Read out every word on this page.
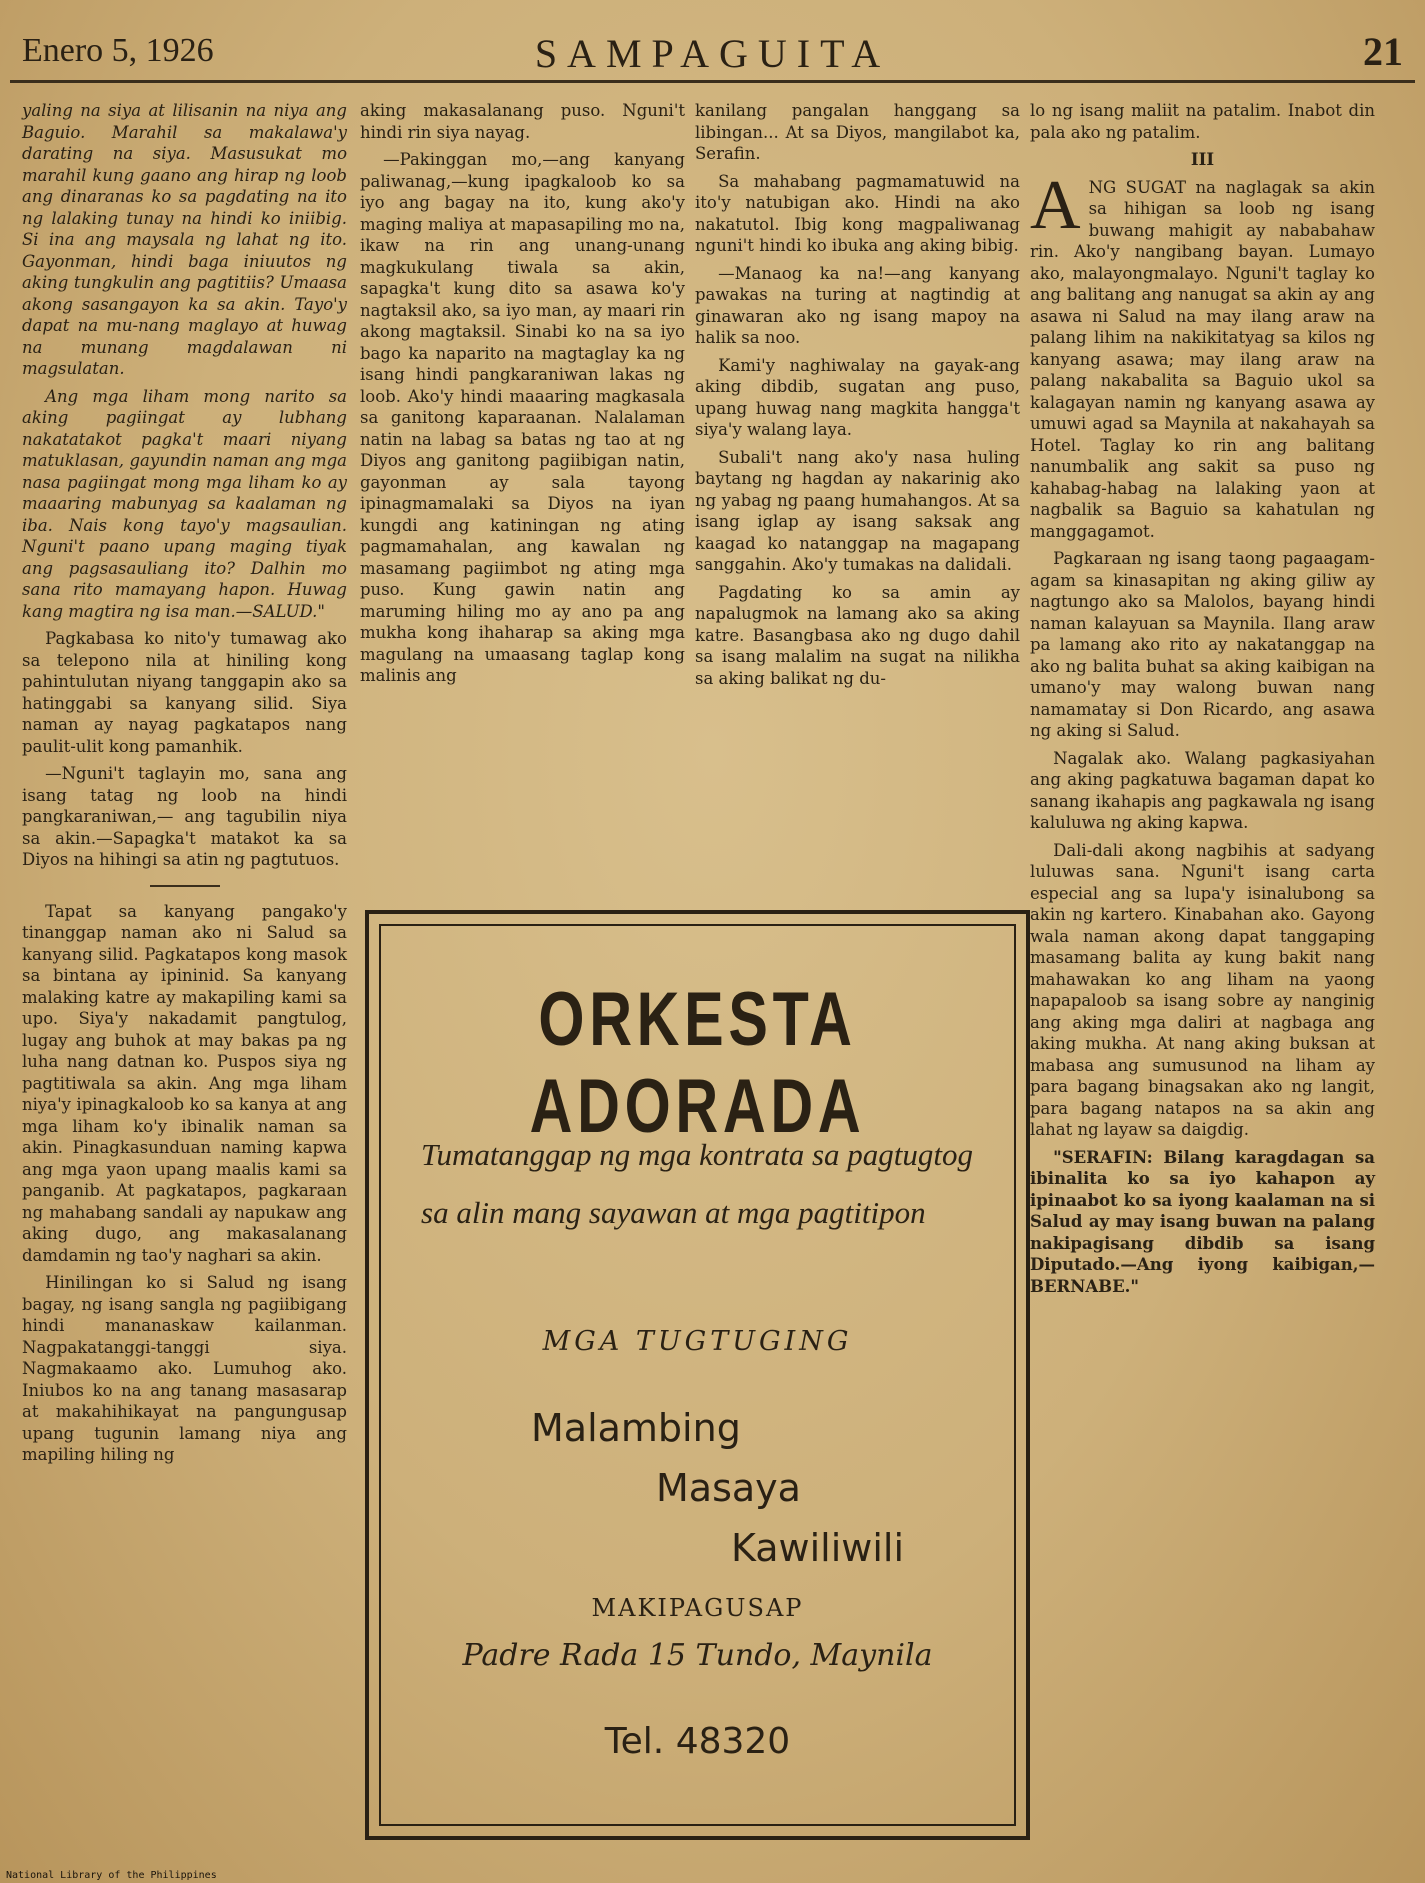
Enero 5, 1926	SAMPAGUITA	21

yaling na siya at lilisanin na niya ang Baguio. Marahil sa makalawa'y darating na siya. Masusukat mo marahil kung gaano ang hirap ng loob ang dinaranas ko sa pagdating na ito ng lalaking tunay na hindi ko iniibig. Si ina ang maysala ng lahat ng ito. Gayonman, hindi baga iniuutos ng aking tungkulin ang pagtitiis? Umaasa akong sasangayon ka sa akin. Tayo'y dapat na mu-nang maglayo at huwag na munang magdalawan ni magsulatan.

Ang mga liham mong narito sa aking pagiingat ay lubhang nakatatakot pagka't maari niyang matuklasan, gayundin naman ang mga nasa pagiingat mong mga liham ko ay maaaring mabunyag sa kaalaman ng iba. Nais kong tayo'y magsaulian. Nguni't paano upang maging tiyak ang pagsasauliang ito? Dalhin mo sana rito mamayang hapon. Huwag kang magtira ng isa man.—SALUD."

Pagkabasa ko nito'y tumawag ako sa telepono nila at hiniling kong pahintulutan niyang tanggapin ako sa hatinggabi sa kanyang silid. Siya naman ay nayag pagkatapos nang paulit-ulit kong pamanhik.

—Nguni't taglayin mo, sana ang isang tatag ng loob na hindi pangkaraniwan,— ang tagubilin niya sa akin.—Sapagka't matakot ka sa Diyos na hihingi sa atin ng pagtutuos.

Tapat sa kanyang pangako'y tinanggap naman ako ni Salud sa kanyang silid. Pagkatapos kong masok sa bintana ay ipininid. Sa kanyang malaking katre ay makapiling kami sa upo. Siya'y nakadamit pangtulog, lugay ang buhok at may bakas pa ng luha nang datnan ko. Puspos siya ng pagtitiwala sa akin. Ang mga liham niya'y ipinagkaloob ko sa kanya at ang mga liham ko'y ibinalik naman sa akin. Pinagkasunduan naming kapwa ang mga yaon upang maalis kami sa panganib. At pagkatapos, pagkaraan ng mahabang sandali ay napukaw ang aking dugo, ang makasalanang damdamin ng tao'y naghari sa akin.

Hinilingan ko si Salud ng isang bagay, ng isang sangla ng pagiibigang hindi mananaskaw kailanman. Nagpakatanggi-tanggi siya. Nagmakaamo ako. Lumuhog ako. Iniubos ko na ang tanang masasarap at makahihikayat na pangungusap upang tugunin lamang niya ang mapiling hiling ng

aking makasalanang puso. Nguni't hindi rin siya nayag.

—Pakinggan mo,—ang kanyang paliwanag,—kung ipagkaloob ko sa iyo ang bagay na ito, kung ako'y maging maliya at mapasapiling mo na, ikaw na rin ang unang-unang magkukulang tiwala sa akin, sapagka't kung dito sa asawa ko'y nagtaksil ako, sa iyo man, ay maari rin akong magtaksil. Sinabi ko na sa iyo bago ka naparito na magtaglay ka ng isang hindi pangkaraniwan lakas ng loob. Ako'y hindi maaaring magkasala sa ganitong kaparaanan. Nalalaman natin na labag sa batas ng tao at ng Diyos ang ganitong pagiibigan natin, gayonman ay sala tayong ipinagmamalaki sa Diyos na iyan kungdi ang katiningan ng ating pagmamahalan, ang kawalan ng masamang pagiimbot ng ating mga puso. Kung gawin natin ang maruming hiling mo ay ano pa ang mukha kong ihaharap sa aking mga magulang na umaasang taglap kong malinis ang

kanilang pangalan hanggang sa libingan... At sa Diyos, mangilabot ka, Serafin.

Sa mahabang pagmamatuwid na ito'y natubigan ako. Hindi na ako nakatutol. Ibig kong magpaliwanag nguni't hindi ko ibuka ang aking bibig.

—Manaog ka na!—ang kanyang pawakas na turing at nagtindig at ginawaran ako ng isang mapoy na halik sa noo.

Kami'y naghiwalay na gayak-ang aking dibdib, sugatan ang puso, upang huwag nang magkita hangga't siya'y walang laya.

Subali't nang ako'y nasa huling baytang ng hagdan ay nakarinig ako ng yabag ng paang humahangos. At sa isang iglap ay isang saksak ang kaagad ko natanggap na magapang sanggahin. Ako'y tumakas na dalidali.

Pagdating ko sa amin ay napalugmok na lamang ako sa aking katre. Basangbasa ako ng dugo dahil sa isang malalim na sugat na nilikha sa aking balikat ng du-

lo ng isang maliit na patalim. Inabot din pala ako ng patalim.

III

ANG SUGAT na naglagak sa akin sa hihigan sa loob ng isang buwang mahigit ay nababahaw rin. Ako'y nangibang bayan. Lumayo ako, malayongmalayo. Nguni't taglay ko ang balitang ang nanugat sa akin ay ang asawa ni Salud na may ilang araw na palang lihim na nakikitatyag sa kilos ng kanyang asawa; may ilang araw na palang nakabalita sa Baguio ukol sa kalagayan namin ng kanyang asawa ay umuwi agad sa Maynila at nakahayah sa Hotel. Taglay ko rin ang balitang nanumbalik ang sakit sa puso ng kahabag-habag na lalaking yaon at nagbalik sa Baguio sa kahatulan ng manggagamot.

Pagkaraan ng isang taong pagaagam-agam sa kinasapitan ng aking giliw ay nagtungo ako sa Malolos, bayang hindi naman kalayuan sa Maynila. Ilang araw pa lamang ako rito ay nakatanggap na ako ng balita buhat sa aking kaibigan na umano'y may walong buwan nang namamatay si Don Ricardo, ang asawa ng aking si Salud.

Nagalak ako. Walang pagkasiyahan ang aking pagkatuwa bagaman dapat ko sanang ikahapis ang pagkawala ng isang kaluluwa ng aking kapwa.

Dali-dali akong nagbihis at sadyang luluwas sana. Nguni't isang carta especial ang sa lupa'y isinalubong sa akin ng kartero. Kinabahan ako. Gayong wala naman akong dapat tanggaping masamang balita ay kung bakit nang mahawakan ko ang liham na yaong napapaloob sa isang sobre ay nanginig ang aking mga daliri at nagbaga ang aking mukha. At nang aking buksan at mabasa ang sumusunod na liham ay para bagang binagsakan ako ng langit, para bagang natapos na sa akin ang lahat ng layaw sa daigdig.

"SERAFIN: Bilang karagdagan sa ibinalita ko sa iyo kahapon ay ipinaabot ko sa iyong kaalaman na si Salud ay may isang buwan na palang nakipagisang dibdib sa isang Diputado.—Ang iyong kaibigan,—BERNABE."

ORKESTA ADORADA
Tumatanggap ng mga kontrata sa pagtugtog sa alin mang sayawan at mga pagtitipon
MGA TUGTUGING
Malambing
Masaya
Kawiliwili
MAKIPAGUSAP
Padre Rada 15 Tundo, Maynila
Tel. 48320
National Library of the Philippines
